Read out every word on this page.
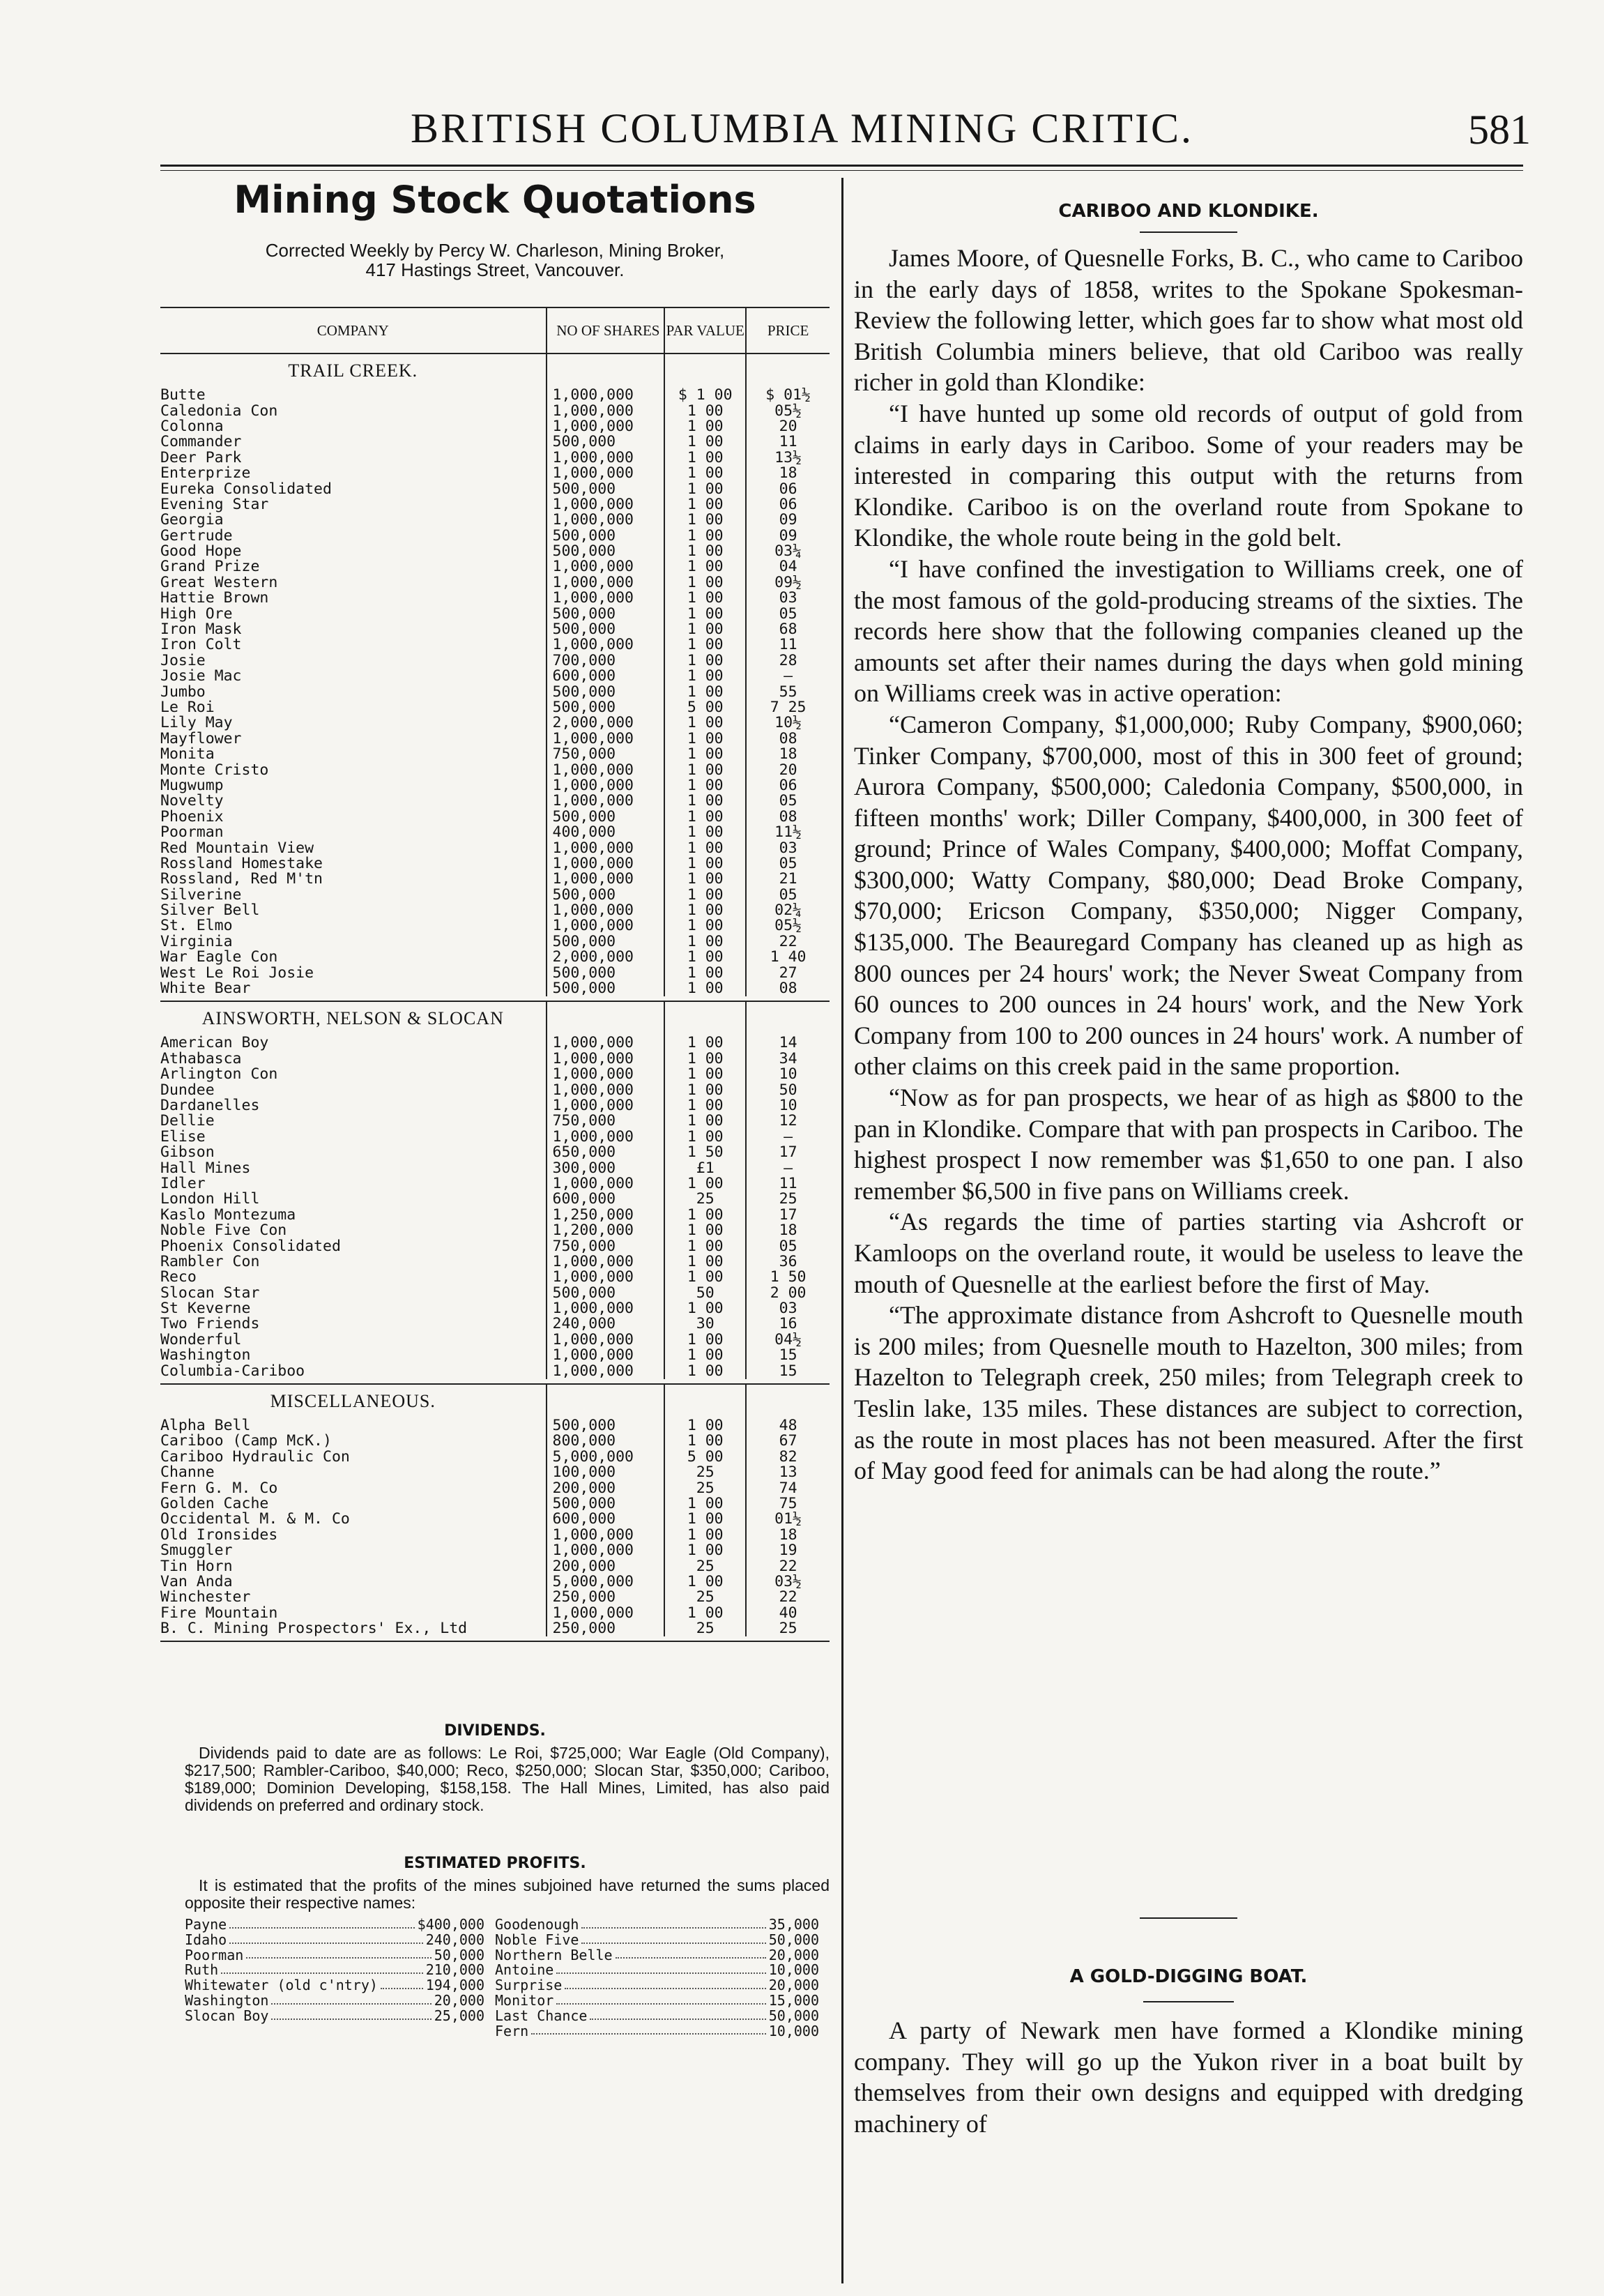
BRITISH COLUMBIA MINING CRITIC.	581
Mining Stock Quotations
Corrected Weekly by Percy W. Charleson, Mining Broker,
417 Hastings Street, Vancouver.
COMPANY	NO OF SHARES	PAR VALUE	PRICE
TRAIL CREEK.			
Butte	1,000,000	$ 1 00	$ 01½
Caledonia Con	1,000,000	1 00	05½
Colonna	1,000,000	1 00	20
Commander	500,000	1 00	11
Deer Park	1,000,000	1 00	13½
Enterprize	1,000,000	1 00	18
Eureka Consolidated	500,000	1 00	06
Evening Star	1,000,000	1 00	06
Georgia	1,000,000	1 00	09
Gertrude	500,000	1 00	09
Good Hope	500,000	1 00	03¼
Grand Prize	1,000,000	1 00	04
Great Western	1,000,000	1 00	09½
Hattie Brown	1,000,000	1 00	03
High Ore	500,000	1 00	05
Iron Mask	500,000	1 00	68
Iron Colt	1,000,000	1 00	11
Josie	700,000	1 00	28
Josie Mac	600,000	1 00	—
Jumbo	500,000	1 00	55
Le Roi	500,000	5 00	7 25
Lily May	2,000,000	1 00	10½
Mayflower	1,000,000	1 00	08
Monita	750,000	1 00	18
Monte Cristo	1,000,000	1 00	20
Mugwump	1,000,000	1 00	06
Novelty	1,000,000	1 00	05
Phoenix	500,000	1 00	08
Poorman	400,000	1 00	11½
Red Mountain View	1,000,000	1 00	03
Rossland Homestake	1,000,000	1 00	05
Rossland, Red M'tn	1,000,000	1 00	21
Silverine	500,000	1 00	05
Silver Bell	1,000,000	1 00	02¼
St. Elmo	1,000,000	1 00	05½
Virginia	500,000	1 00	22
War Eagle Con	2,000,000	1 00	1 40
West Le Roi Josie	500,000	1 00	27
White Bear	500,000	1 00	08

AINSWORTH, NELSON & SLOCAN			
American Boy	1,000,000	1 00	14
Athabasca	1,000,000	1 00	34
Arlington Con	1,000,000	1 00	10
Dundee	1,000,000	1 00	50
Dardanelles	1,000,000	1 00	10
Dellie	750,000	1 00	12
Elise	1,000,000	1 00	—
Gibson	650,000	1 50	17
Hall Mines	300,000	£1	—
Idler	1,000,000	1 00	11
London Hill	600,000	25	25
Kaslo Montezuma	1,250,000	1 00	17
Noble Five Con	1,200,000	1 00	18
Phoenix Consolidated	750,000	1 00	05
Rambler Con	1,000,000	1 00	36
Reco	1,000,000	1 00	1 50
Slocan Star	500,000	50	2 00
St Keverne	1,000,000	1 00	03
Two Friends	240,000	30	16
Wonderful	1,000,000	1 00	04½
Washington	1,000,000	1 00	15
Columbia-Cariboo	1,000,000	1 00	15

MISCELLANEOUS.			
Alpha Bell	500,000	1 00	48
Cariboo (Camp McK.)	800,000	1 00	67
Cariboo Hydraulic Con	5,000,000	5 00	82
Channe	100,000	25	13
Fern G. M. Co	200,000	25	74
Golden Cache	500,000	1 00	75
Occidental M. & M. Co	600,000	1 00	01½
Old Ironsides	1,000,000	1 00	18
Smuggler	1,000,000	1 00	19
Tin Horn	200,000	25	22
Van Anda	5,000,000	1 00	03½
Winchester	250,000	25	22
Fire Mountain	1,000,000	1 00	40
B. C. Mining Prospectors' Ex., Ltd	250,000	25	25

DIVIDENDS.
Dividends paid to date are as follows: Le Roi, $725,000; War Eagle (Old Company), $217,500; Rambler-Cariboo, $40,000; Reco, $250,000; Slocan Star, $350,000; Cariboo, $189,000; Dominion Developing, $158,158. The Hall Mines, Limited, has also paid dividends on preferred and ordinary stock.
ESTIMATED PROFITS.
It is estimated that the profits of the mines subjoined have returned the sums placed opposite their respective names:
Payne	$400,000
Idaho	240,000
Poorman	50,000
Ruth	210,000
Whitewater (old c'ntry)	194,000
Washington	20,000
Slocan Boy	25,000
Goodenough	35,000
Noble Five	50,000
Northern Belle	20,000
Antoine	10,000
Surprise	20,000
Monitor	15,000
Last Chance	50,000
Fern	10,000
CARIBOO AND KLONDIKE.

James Moore, of Quesnelle Forks, B. C., who came to Cariboo in the early days of 1858, writes to the Spokane Spokesman-Review the following letter, which goes far to show what most old British Columbia miners believe, that old Cariboo was really richer in gold than Klondike:

“I have hunted up some old records of output of gold from claims in early days in Cariboo. Some of your readers may be interested in comparing this output with the returns from Klondike. Cariboo is on the overland route from Spokane to Klondike, the whole route being in the gold belt.

“I have confined the investigation to Williams creek, one of the most famous of the gold-producing streams of the sixties. The records here show that the following companies cleaned up the amounts set after their names during the days when gold mining on Williams creek was in active operation:

“Cameron Company, $1,000,000; Ruby Company, $900,060; Tinker Company, $700,000, most of this in 300 feet of ground; Aurora Company, $500,000; Caledonia Company, $500,000, in fifteen months' work; Diller Company, $400,000, in 300 feet of ground; Prince of Wales Company, $400,000; Moffat Company, $300,000; Watty Company, $80,000; Dead Broke Company, $70,000; Ericson Company, $350,000; Nigger Company, $135,000. The Beauregard Company has cleaned up as high as 800 ounces per 24 hours' work; the Never Sweat Company from 60 ounces to 200 ounces in 24 hours' work, and the New York Company from 100 to 200 ounces in 24 hours' work. A number of other claims on this creek paid in the same proportion.

“Now as for pan prospects, we hear of as high as $800 to the pan in Klondike. Compare that with pan prospects in Cariboo. The highest prospect I now remember was $1,650 to one pan. I also remember $6,500 in five pans on Williams creek.

“As regards the time of parties starting via Ashcroft or Kamloops on the overland route, it would be useless to leave the mouth of Quesnelle at the earliest before the first of May.

“The approximate distance from Ashcroft to Quesnelle mouth is 200 miles; from Quesnelle mouth to Hazelton, 300 miles; from Hazelton to Telegraph creek, 250 miles; from Telegraph creek to Teslin lake, 135 miles. These distances are subject to correction, as the route in most places has not been measured. After the first of May good feed for animals can be had along the route.”

A GOLD-DIGGING BOAT.

A party of Newark men have formed a Klondike mining company. They will go up the Yukon river in a boat built by themselves from their own designs and equipped with dredging machinery of
